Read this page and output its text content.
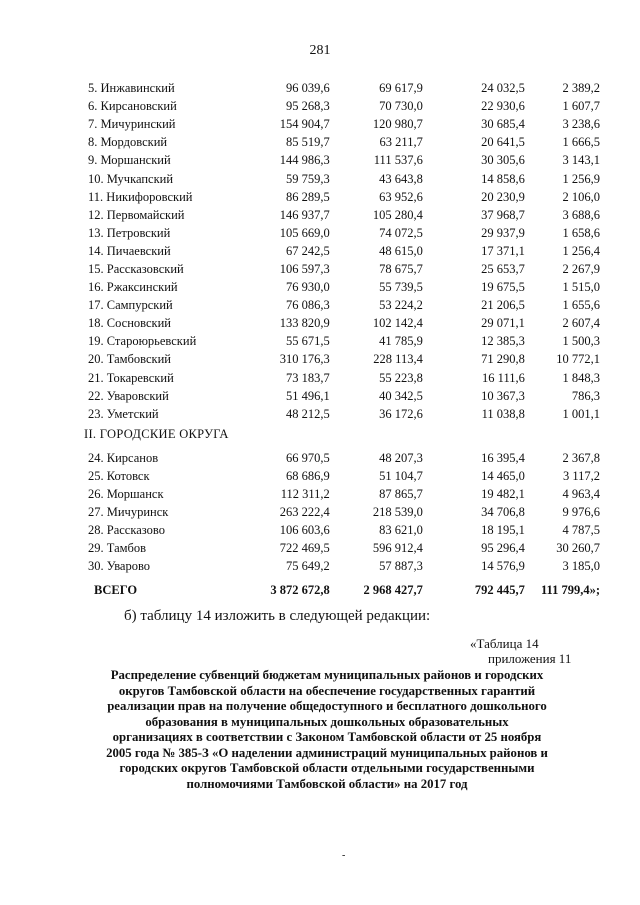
281
5. Инжавинский	96 039,6	69 617,9	24 032,5	2 389,2
6. Кирсановский	95 268,3	70 730,0	22 930,6	1 607,7
7. Мичуринский	154 904,7	120 980,7	30 685,4	3 238,6
8. Мордовский	85 519,7	63 211,7	20 641,5	1 666,5
9. Моршанский	144 986,3	111 537,6	30 305,6	3 143,1
10. Мучкапский	59 759,3	43 643,8	14 858,6	1 256,9
11. Никифоровский	86 289,5	63 952,6	20 230,9	2 106,0
12. Первомайский	146 937,7	105 280,4	37 968,7	3 688,6
13. Петровский	105 669,0	74 072,5	29 937,9	1 658,6
14. Пичаевский	67 242,5	48 615,0	17 371,1	1 256,4
15. Рассказовский	106 597,3	78 675,7	25 653,7	2 267,9
16. Ржаксинский	76 930,0	55 739,5	19 675,5	1 515,0
17. Сампурский	76 086,3	53 224,2	21 206,5	1 655,6
18. Сосновский	133 820,9	102 142,4	29 071,1	2 607,4
19. Староюрьевский	55 671,5	41 785,9	12 385,3	1 500,3
20. Тамбовский	310 176,3	228 113,4	71 290,8	10 772,1
21. Токаревский	73 183,7	55 223,8	16 111,6	1 848,3
22. Уваровский	51 496,1	40 342,5	10 367,3	786,3
23. Уметский	48 212,5	36 172,6	11 038,8	1 001,1
II. ГОРОДСКИЕ ОКРУГА				

24. Кирсанов	66 970,5	48 207,3	16 395,4	2 367,8
25. Котовск	68 686,9	51 104,7	14 465,0	3 117,2
26. Моршанск	112 311,2	87 865,7	19 482,1	4 963,4
27. Мичуринск	263 222,4	218 539,0	34 706,8	9 976,6
28. Рассказово	106 603,6	83 621,0	18 195,1	4 787,5
29. Тамбов	722 469,5	596 912,4	95 296,4	30 260,7
30. Уварово	75 649,2	57 887,3	14 576,9	3 185,0
ВСЕГО	3 872 672,8	2 968 427,7	792 445,7	111 799,4»;
б) таблицу 14 изложить в следующей редакции:
«Таблица 14
приложения 11
Распределение субвенций бюджетам муниципальных районов и городских
округов Тамбовской области на обеспечение государственных гарантий
реализации прав на получение общедоступного и бесплатного дошкольного
образования в муниципальных дошкольных образовательных
организациях в соответствии с Законом Тамбовской области от 25 ноября
2005 года № 385-З «О наделении администраций муниципальных районов и
городских округов Тамбовской области отдельными государственными
полномочиями Тамбовской области» на 2017 год
-
